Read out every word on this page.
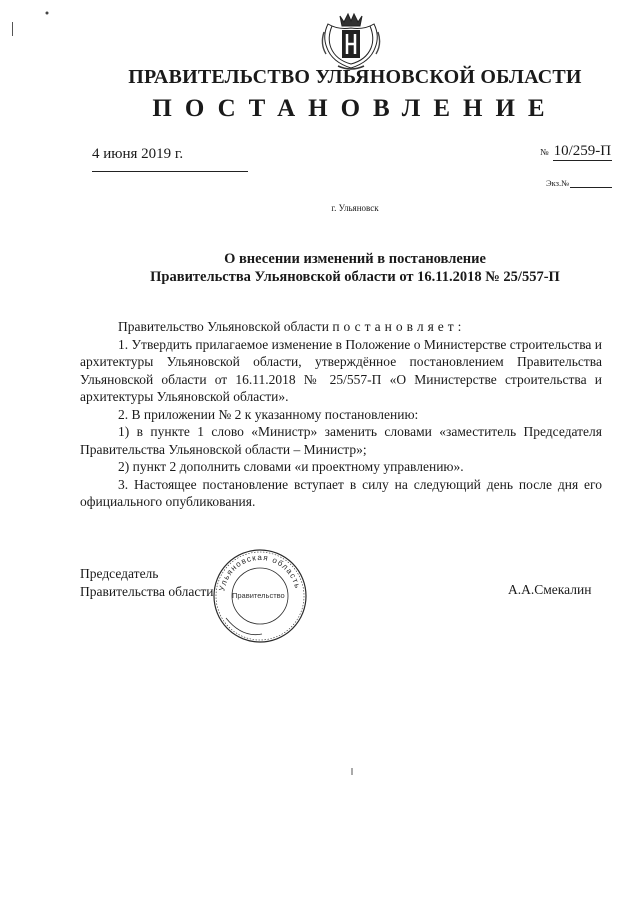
ПРАВИТЕЛЬСТВО УЛЬЯНОВСКОЙ ОБЛАСТИ
ПОСТАНОВЛЕНИЕ
4 июня 2019 г.	№ 10/259-П
Экз.№
г. Ульяновск
О внесении изменений в постановление
Правительства Ульяновской области от 16.11.2018 № 25/557-П

Правительство Ульяновской области постановляет:

1. Утвердить прилагаемое изменение в Положение о Министерстве строительства и архитектуры Ульяновской области, утверждённое постановлением Правительства Ульяновской области от 16.11.2018 № 25/557-П «О Министерстве строительства и архитектуры Ульяновской области».

2. В приложении № 2 к указанному постановлению:

1) в пункте 1 слово «Министр» заменить словами «заместитель Председателя Правительства Ульяновской области – Министр»;

2) пункт 2 дополнить словами «и проектному управлению».

3. Настоящее постановление вступает в силу на следующий день после дня его официального опубликования.

Председатель
Правительства области Ульяновская область
Правительство	А.А.Смекалин
